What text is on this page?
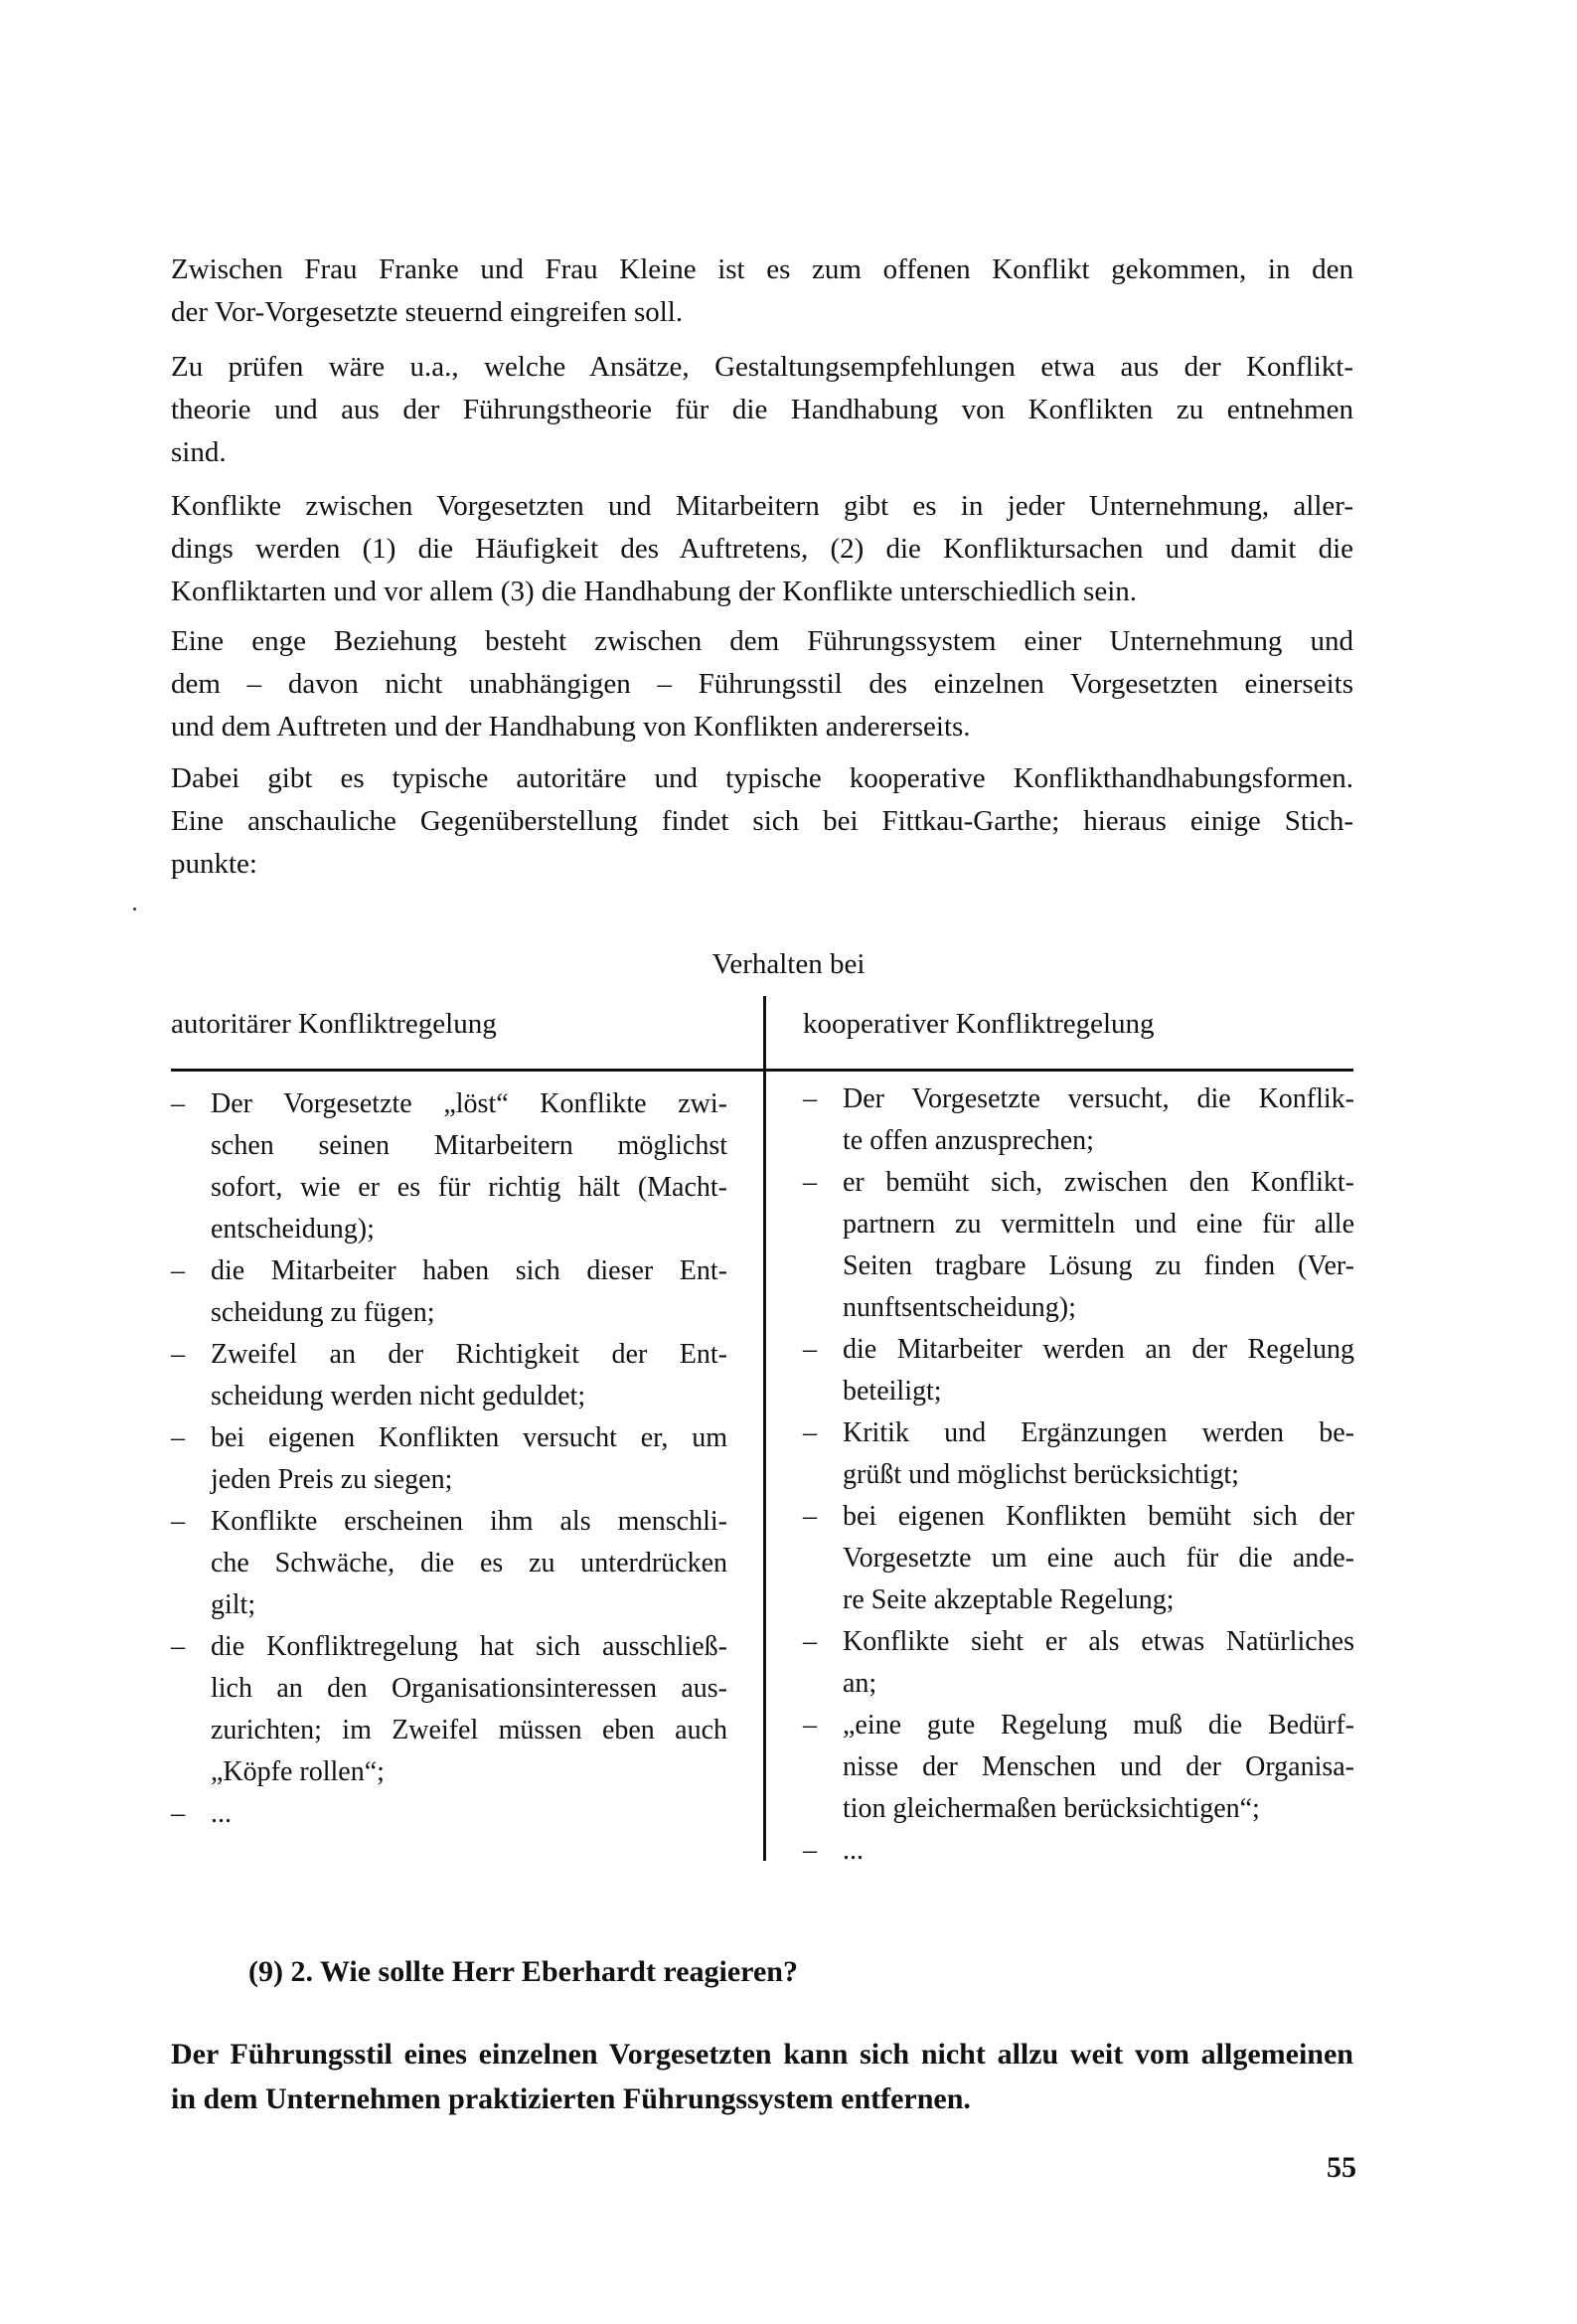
Zwischen Frau Franke und Frau Kleine ist es zum offenen Konflikt gekommen, in den
der Vor-Vorgesetzte steuernd eingreifen soll.
Zu prüfen wäre u.a., welche Ansätze, Gestaltungsempfehlungen etwa aus der Konflikt-
theorie und aus der Führungstheorie für die Handhabung von Konflikten zu entnehmen
sind.
Konflikte zwischen Vorgesetzten und Mitarbeitern gibt es in jeder Unternehmung, aller-
dings werden (1) die Häufigkeit des Auftretens, (2) die Konfliktursachen und damit die
Konfliktarten und vor allem (3) die Handhabung der Konflikte unterschiedlich sein.
Eine enge Beziehung besteht zwischen dem Führungssystem einer Unternehmung und
dem – davon nicht unabhängigen – Führungsstil des einzelnen Vorgesetzten einerseits
und dem Auftreten und der Handhabung von Konflikten andererseits.
Dabei gibt es typische autoritäre und typische kooperative Konflikthandhabungsformen.
Eine anschauliche Gegenüberstellung findet sich bei Fittkau-Garthe; hieraus einige Stich-
punkte:

Verhalten bei

autoritärer Konfliktregelung	kooperativer Konfliktregelung

– Der Vorgesetzte „löst“ Konflikte zwi-
schen seinen Mitarbeitern möglichst
sofort, wie er es für richtig hält (Macht-
entscheidung);
– die Mitarbeiter haben sich dieser Ent-
scheidung zu fügen;
– Zweifel an der Richtigkeit der Ent-
scheidung werden nicht geduldet;
– bei eigenen Konflikten versucht er, um
jeden Preis zu siegen;
– Konflikte erscheinen ihm als menschli-
che Schwäche, die es zu unterdrücken
gilt;
– die Konfliktregelung hat sich ausschließ-
lich an den Organisationsinteressen aus-
zurichten; im Zweifel müssen eben auch
„Köpfe rollen“;
– ...
– Der Vorgesetzte versucht, die Konflik-
te offen anzusprechen;
– er bemüht sich, zwischen den Konflikt-
partnern zu vermitteln und eine für alle
Seiten tragbare Lösung zu finden (Ver-
nunftsentscheidung);
– die Mitarbeiter werden an der Regelung
beteiligt;
– Kritik und Ergänzungen werden be-
grüßt und möglichst berücksichtigt;
– bei eigenen Konflikten bemüht sich der
Vorgesetzte um eine auch für die ande-
re Seite akzeptable Regelung;
– Konflikte sieht er als etwas Natürliches
an;
– „eine gute Regelung muß die Bedürf-
nisse der Menschen und der Organisa-
tion gleichermaßen berücksichtigen“;
– ...

(9) 2. Wie sollte Herr Eberhardt reagieren?

Der Führungsstil eines einzelnen Vorgesetzten kann sich nicht allzu weit vom allgemeinen
in dem Unternehmen praktizierten Führungssystem entfernen.

55
